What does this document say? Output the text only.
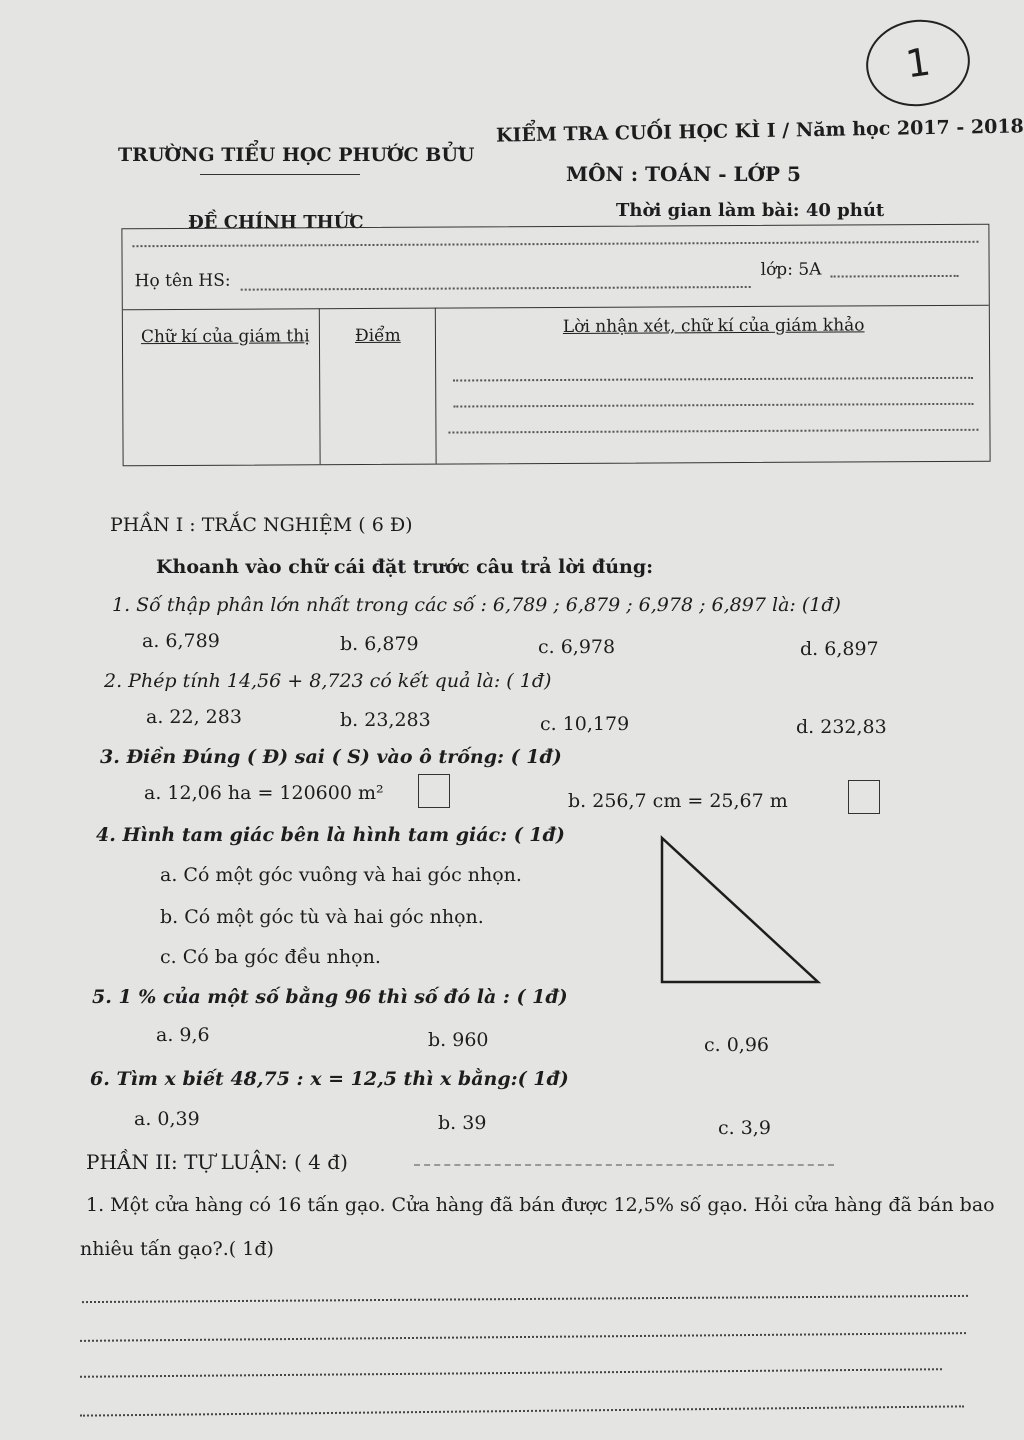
1
TRƯỜNG TIỂU HỌC PHƯỚC BỬU
KIỂM TRA CUỐI HỌC KÌ I / Năm học 2017 - 2018
MÔN : TOÁN - LỚP 5
ĐỀ CHÍNH THỨC
Thời gian làm bài: 40 phút
Họ tên HS:
lớp: 5A
Chữ kí của giám thị	Điểm	Lời nhận xét, chữ kí của giám khảo
PHẦN I : TRẮC NGHIỆM ( 6 Đ)
Khoanh vào chữ cái đặt trước câu trả lời đúng:
1. Số thập phân lớn nhất trong các số : 6,789 ; 6,879 ; 6,978 ; 6,897 là: (1đ)
a. 6,789	b. 6,879	c. 6,978	d. 6,897
2. Phép tính 14,56 + 8,723 có kết quả là: ( 1đ)
a. 22, 283	b. 23,283	c. 10,179	d. 232,83
3. Điền Đúng ( Đ) sai ( S) vào ô trống: ( 1đ)
a. 12,06 ha = 120600 m²	b. 256,7 cm = 25,67 m
4. Hình tam giác bên là hình tam giác: ( 1đ)
a. Có một góc vuông và hai góc nhọn.
b. Có một góc tù và hai góc nhọn.
c. Có ba góc đều nhọn.
5. 1 % của một số bằng 96 thì số đó là : ( 1đ)
a. 9,6	b. 960	c. 0,96
6. Tìm x biết 48,75 : x = 12,5 thì x bằng:( 1đ)
a. 0,39	b. 39	c. 3,9
PHẦN II: TỰ LUẬN: ( 4 đ)
1. Một cửa hàng có 16 tấn gạo. Cửa hàng đã bán được 12,5% số gạo. Hỏi cửa hàng đã bán bao
nhiêu tấn gạo?.( 1đ)
